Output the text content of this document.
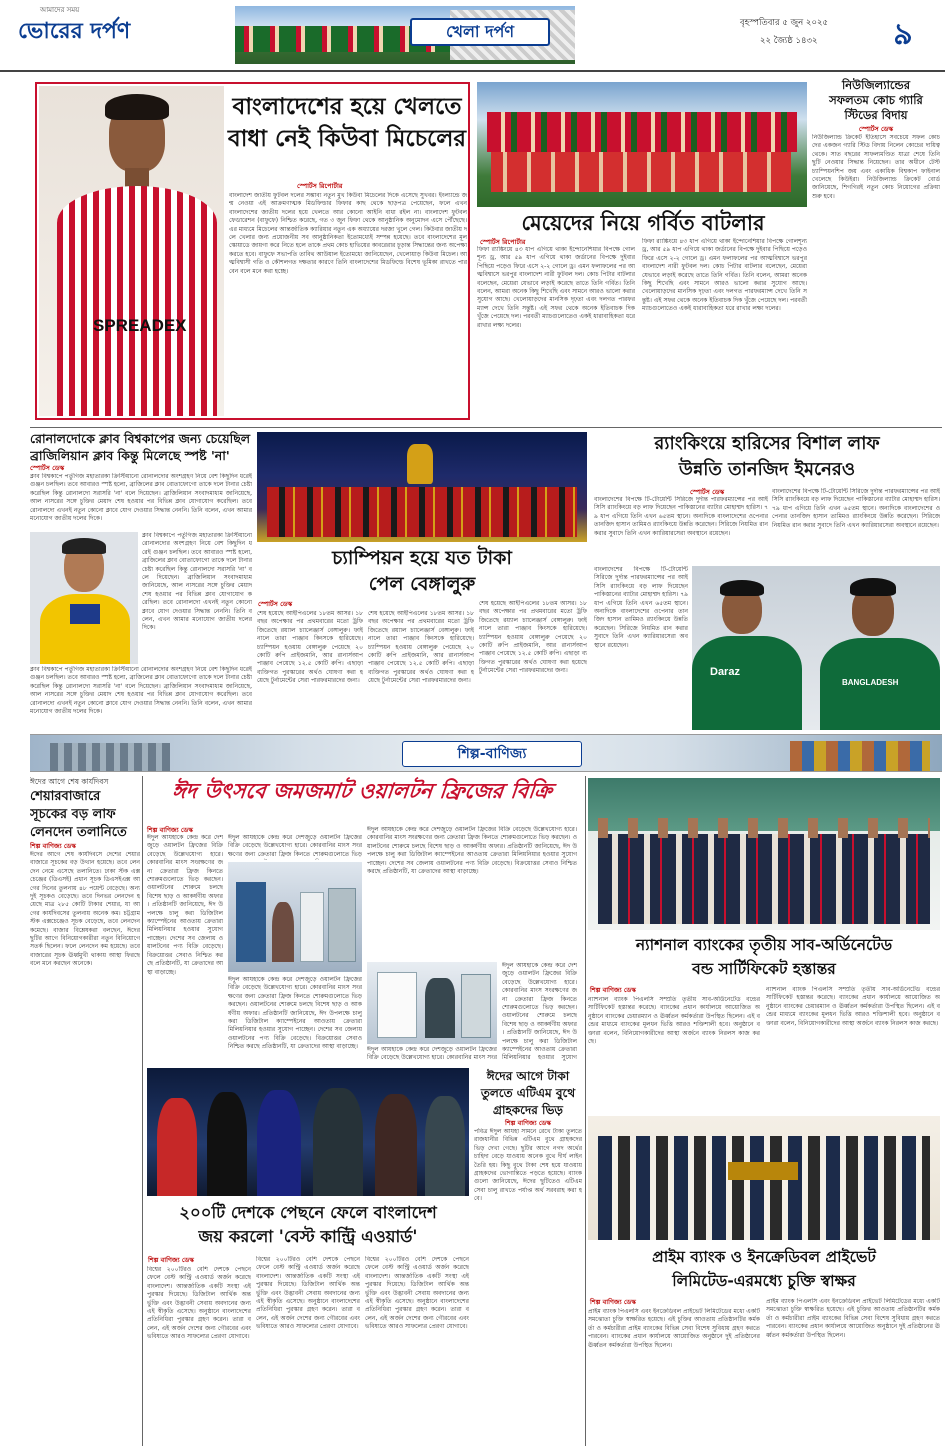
আমাদের সময়
ভোরের দর্পণ	খেলা দর্পণ	বৃহস্পতিবার ৫ জুন ২০২৫
২২ জ্যৈষ্ঠ ১৪৩২	৯
SPREADEX
বাংলাদেশের হয়ে খেলতে
বাধা নেই কিউবা মিচেলের
স্পোর্টস রিপোর্টার
বাংলাদেশ জাতীয় ফুটবল দলের সম্ভাব্য নতুন মুখ কিউবা মিচেলের দিকে এসেছে সুখবর। ইংল্যান্ডে জন্ম নেওয়া এই আক্রমণাত্মক মিডফিল্ডার ফিফার কাছ থেকে ছাড়পত্র পেয়েছেন, ফলে এখন বাংলাদেশের জাতীয় দলের হয়ে খেলতে আর কোনো আইনি বাধা রইল না। বাংলাদেশ ফুটবল ফেডারেশন (বাফুফে) নিশ্চিত করেছে, গত ৩ জুন ফিফা থেকে আনুষ্ঠানিক অনুমোদন এসে পৌঁছেছে। এর মাধ্যমে মিচেলের আন্তর্জাতিক ক্যারিয়ার নতুন এক অধ্যায়ের দরজা খুলে গেল। কিউবার জাতীয় দলে খেলার জন্য প্রয়োজনীয় সব আনুষ্ঠানিকতা ইতোমধ্যেই সম্পন্ন হয়েছে। তবে বাংলাদেশের মূল স্কোয়াডে জায়গা করে নিতে হলে তাকে প্রথম কোচ হাভিয়ের কাবরেরার চূড়ান্ত সিদ্ধান্তের জন্য অপেক্ষা করতে হবে। বাফুফে সভাপতি তাবিথ আউয়াল ইতোমধ্যে জানিয়েছেন, খেলোয়াড় কিউবা মিচেল। আত্মবিশ্বাসী গতি ও কৌশলগত দক্ষতার কারণে তিনি বাংলাদেশের মিডফিল্ডে বিশেষ ভূমিকা রাখতে পারবেন বলে মনে করা হচ্ছে।
মেয়েদের নিয়ে গর্বিত বাটলার
স্পোর্টস রিপোর্টার
ফিফা র‍্যাঙ্কিংয়ে ৪৩ ধাপ এগিয়ে থাকা ইন্দোনেশিয়ার বিপক্ষে গোলশূন্য ড্র, আর ৫৯ ধাপ এগিয়ে থাকা জর্ডানের বিপক্ষে দুইবার পিছিয়ে পড়েও ফিরে এসে ২-২ গোলে ড্র। এমন ফলাফলের পর আত্মবিশ্বাসে ভরপুর বাংলাদেশ নারী ফুটবল দল। কোচ পিটার বাটলার বলেছেন, মেয়েরা যেভাবে লড়াই করেছে তাতে তিনি গর্বিত। তিনি বলেন, আমরা অনেক কিছু শিখেছি এবং সামনে আরও ভালো করার সুযোগ আছে। খেলোয়াড়দের মানসিক দৃঢ়তা এবং দলগত পারফরম্যান্স দেখে তিনি সন্তুষ্ট। এই সফর থেকে অনেক ইতিবাচক দিক খুঁজে পেয়েছে দল। পরবর্তী ম্যাচগুলোতেও একই ধারাবাহিকতা ধরে রাখার লক্ষ্য দলের।
ফিফা র‍্যাঙ্কিংয়ে ৪৩ ধাপ এগিয়ে থাকা ইন্দোনেশিয়ার বিপক্ষে গোলশূন্য ড্র, আর ৫৯ ধাপ এগিয়ে থাকা জর্ডানের বিপক্ষে দুইবার পিছিয়ে পড়েও ফিরে এসে ২-২ গোলে ড্র। এমন ফলাফলের পর আত্মবিশ্বাসে ভরপুর বাংলাদেশ নারী ফুটবল দল। কোচ পিটার বাটলার বলেছেন, মেয়েরা যেভাবে লড়াই করেছে তাতে তিনি গর্বিত। তিনি বলেন, আমরা অনেক কিছু শিখেছি এবং সামনে আরও ভালো করার সুযোগ আছে। খেলোয়াড়দের মানসিক দৃঢ়তা এবং দলগত পারফরম্যান্স দেখে তিনি সন্তুষ্ট। এই সফর থেকে অনেক ইতিবাচক দিক খুঁজে পেয়েছে দল। পরবর্তী ম্যাচগুলোতেও একই ধারাবাহিকতা ধরে রাখার লক্ষ্য দলের।
নিউজিল্যান্ডের
সফলতম কোচ গ্যারি
স্টিডের বিদায়
স্পোর্টস ডেস্ক
নিউজিল্যান্ড ক্রিকেট ইতিহাসে সবচেয়ে সফল কোচদের একজন গ্যারি স্টিড বিদায় নিলেন কোচের দায়িত্ব থেকে। সাত বছরের সাফল্যমণ্ডিত যাত্রা শেষে তিনি ছুটি নেওয়ার সিদ্ধান্ত নিয়েছেন। তার অধীনে টেস্ট চ্যাম্পিয়নশিপ জয় এবং একাধিক বিশ্বকাপ ফাইনাল খেলেছে কিউইরা। নিউজিল্যান্ড ক্রিকেট বোর্ড জানিয়েছে, শিগগিরই নতুন কোচ নিয়োগের প্রক্রিয়া শুরু হবে।
রোনালদোকে ক্লাব বিশ্বকাপের জন্য চেয়েছিল
ব্রাজিলিয়ান ক্লাব কিন্তু মিলেছে স্পষ্ট 'না'
স্পোর্টস ডেস্ক
ক্লাব বিশ্বকাপে পর্তুগিজ মহাতারকা ক্রিস্টিয়ানো রোনালদোর অংশগ্রহণ নিয়ে বেশ কিছুদিন ধরেই গুঞ্জন চলছিল। তবে আবারও স্পষ্ট হলো, ব্রাজিলের ক্লাব বোতাফোগো তাকে দলে টানার চেষ্টা করেছিল কিন্তু রোনালদো সরাসরি 'না' বলে দিয়েছেন। ব্রাজিলিয়ান সংবাদমাধ্যম জানিয়েছে, আল নাসরের সঙ্গে চুক্তির মেয়াদ শেষ হওয়ার পর বিভিন্ন ক্লাব যোগাযোগ করেছিল। তবে রোনালদো এখনই নতুন কোনো ক্লাবে যোগ দেওয়ার সিদ্ধান্ত নেননি। তিনি বলেন, এখন আমার মনোযোগ জাতীয় দলের দিকে।
ক্লাব বিশ্বকাপে পর্তুগিজ মহাতারকা ক্রিস্টিয়ানো রোনালদোর অংশগ্রহণ নিয়ে বেশ কিছুদিন ধরেই গুঞ্জন চলছিল। তবে আবারও স্পষ্ট হলো, ব্রাজিলের ক্লাব বোতাফোগো তাকে দলে টানার চেষ্টা করেছিল কিন্তু রোনালদো সরাসরি 'না' বলে দিয়েছেন। ব্রাজিলিয়ান সংবাদমাধ্যম জানিয়েছে, আল নাসরের সঙ্গে চুক্তির মেয়াদ শেষ হওয়ার পর বিভিন্ন ক্লাব যোগাযোগ করেছিল। তবে রোনালদো এখনই নতুন কোনো ক্লাবে যোগ দেওয়ার সিদ্ধান্ত নেননি। তিনি বলেন, এখন আমার মনোযোগ জাতীয় দলের দিকে।
ক্লাব বিশ্বকাপে পর্তুগিজ মহাতারকা ক্রিস্টিয়ানো রোনালদোর অংশগ্রহণ নিয়ে বেশ কিছুদিন ধরেই গুঞ্জন চলছিল। তবে আবারও স্পষ্ট হলো, ব্রাজিলের ক্লাব বোতাফোগো তাকে দলে টানার চেষ্টা করেছিল কিন্তু রোনালদো সরাসরি 'না' বলে দিয়েছেন। ব্রাজিলিয়ান সংবাদমাধ্যম জানিয়েছে, আল নাসরের সঙ্গে চুক্তির মেয়াদ শেষ হওয়ার পর বিভিন্ন ক্লাব যোগাযোগ করেছিল। তবে রোনালদো এখনই নতুন কোনো ক্লাবে যোগ দেওয়ার সিদ্ধান্ত নেননি। তিনি বলেন, এখন আমার মনোযোগ জাতীয় দলের দিকে।
চ্যাম্পিয়ন হয়ে যত টাকা
পেল বেঙ্গালুরু
স্পোর্টস ডেস্ক
শেষ হয়েছে আইপিএলের ১৮তম আসর। ১৮ বছর অপেক্ষার পর প্রথমবারের মতো ট্রফি জিতেছে রয়্যাল চ্যালেঞ্জার্স বেঙ্গালুরু। ফাইনালে তারা পাঞ্জাব কিংসকে হারিয়েছে। চ্যাম্পিয়ন হওয়ায় বেঙ্গালুরু পেয়েছে ২০ কোটি রুপি প্রাইজমানি, আর রানার্সআপ পাঞ্জাব পেয়েছে ১২.৫ কোটি রুপি। এছাড়া ব্যক্তিগত পুরস্কারের অর্থও ঘোষণা করা হয়েছে টুর্নামেন্টের সেরা পারফরমারদের জন্য।
শেষ হয়েছে আইপিএলের ১৮তম আসর। ১৮ বছর অপেক্ষার পর প্রথমবারের মতো ট্রফি জিতেছে রয়্যাল চ্যালেঞ্জার্স বেঙ্গালুরু। ফাইনালে তারা পাঞ্জাব কিংসকে হারিয়েছে। চ্যাম্পিয়ন হওয়ায় বেঙ্গালুরু পেয়েছে ২০ কোটি রুপি প্রাইজমানি, আর রানার্সআপ পাঞ্জাব পেয়েছে ১২.৫ কোটি রুপি। এছাড়া ব্যক্তিগত পুরস্কারের অর্থও ঘোষণা করা হয়েছে টুর্নামেন্টের সেরা পারফরমারদের জন্য।
শেষ হয়েছে আইপিএলের ১৮তম আসর। ১৮ বছর অপেক্ষার পর প্রথমবারের মতো ট্রফি জিতেছে রয়্যাল চ্যালেঞ্জার্স বেঙ্গালুরু। ফাইনালে তারা পাঞ্জাব কিংসকে হারিয়েছে। চ্যাম্পিয়ন হওয়ায় বেঙ্গালুরু পেয়েছে ২০ কোটি রুপি প্রাইজমানি, আর রানার্সআপ পাঞ্জাব পেয়েছে ১২.৫ কোটি রুপি। এছাড়া ব্যক্তিগত পুরস্কারের অর্থও ঘোষণা করা হয়েছে টুর্নামেন্টের সেরা পারফরমারদের জন্য।
র‍্যাংকিংয়ে হারিসের বিশাল লাফ
উন্নতি তানজিদ ইমনেরও
স্পোর্টস ডেস্ক
বাংলাদেশের বিপক্ষে টি-টোয়েন্টি সিরিজে দুর্দান্ত পারফরম্যান্সের পর আইসিসি র‍্যাংকিংয়ে বড় লাফ দিয়েছেন পাকিস্তানের ব্যাটার মোহাম্মদ হারিস। ৭৯ ধাপ এগিয়ে তিনি এখন ৬৫তম স্থানে। অন্যদিকে বাংলাদেশের ওপেনার তানজিদ হাসান তামিমও র‍্যাংকিংয়ে উন্নতি করেছেন। সিরিজে নিয়মিত রান করার সুবাদে তিনি এখন ক্যারিয়ারসেরা অবস্থানে রয়েছেন।
বাংলাদেশের বিপক্ষে টি-টোয়েন্টি সিরিজে দুর্দান্ত পারফরম্যান্সের পর আইসিসি র‍্যাংকিংয়ে বড় লাফ দিয়েছেন পাকিস্তানের ব্যাটার মোহাম্মদ হারিস। ৭৯ ধাপ এগিয়ে তিনি এখন ৬৫তম স্থানে। অন্যদিকে বাংলাদেশের ওপেনার তানজিদ হাসান তামিমও র‍্যাংকিংয়ে উন্নতি করেছেন। সিরিজে নিয়মিত রান করার সুবাদে তিনি এখন ক্যারিয়ারসেরা অবস্থানে রয়েছেন।
বাংলাদেশের বিপক্ষে টি-টোয়েন্টি সিরিজে দুর্দান্ত পারফরম্যান্সের পর আইসিসি র‍্যাংকিংয়ে বড় লাফ দিয়েছেন পাকিস্তানের ব্যাটার মোহাম্মদ হারিস। ৭৯ ধাপ এগিয়ে তিনি এখন ৬৫তম স্থানে। অন্যদিকে বাংলাদেশের ওপেনার তানজিদ হাসান তামিমও র‍্যাংকিংয়ে উন্নতি করেছেন। সিরিজে নিয়মিত রান করার সুবাদে তিনি এখন ক্যারিয়ারসেরা অবস্থানে রয়েছেন।
Daraz
BANGLADESH
শিল্প-বাণিজ্য
ঈদের আগে শেষ কার্যদিবস
শেয়ারবাজারে
সূচকের বড় লাফ
লেনদেন তলানিতে
শিল্প বাণিজ্য ডেস্ক
ঈদের আগে শেষ কার্যদিবসে দেশের শেয়ারবাজারে সূচকের বড় উত্থান হয়েছে। তবে লেনদেন নেমে এসেছে তলানিতে। ঢাকা স্টক এক্সচেঞ্জের (ডিএসই) প্রধান সূচক ডিএসইএক্স আগের দিনের তুলনায় ৪৮ পয়েন্ট বেড়েছে। অন্য দুই সূচকও বেড়েছে। তবে দিনভর লেনদেন হয়েছে মাত্র ২৮৫ কোটি টাকার শেয়ার, যা আগের কার্যদিবসের তুলনায় অনেক কম। চট্টগ্রাম স্টক এক্সচেঞ্জেও সূচক বেড়েছে, তবে লেনদেন কমেছে। বাজার বিশ্লেষকরা বলছেন, ঈদের ছুটির আগে বিনিয়োগকারীরা নতুন বিনিয়োগে সতর্ক ছিলেন। ফলে লেনদেন কম হয়েছে। তবে বাজারের সূচক ঊর্ধ্বমুখী থাকায় আস্থা ফিরছে বলে মনে করছেন অনেকে।
ঈদ উৎসবে জমজমাট ওয়ালটন ফ্রিজের বিক্রি
শিল্প বাণিজ্য ডেস্ক
ঈদুল আযহাকে কেন্দ্র করে দেশজুড়ে ওয়ালটন ফ্রিজের বিক্রি বেড়েছে উল্লেখযোগ্য হারে। কোরবানির মাংস সংরক্ষণের জন্য ক্রেতারা ফ্রিজ কিনতে শোরুমগুলোতে ভিড় করছেন। ওয়ালটনের শোরুমে চলছে বিশেষ ছাড় ও আকর্ষণীয় অফার। প্রতিষ্ঠানটি জানিয়েছে, ঈদ উপলক্ষে চালু করা ডিজিটাল ক্যাম্পেইনের আওতায় ক্রেতারা মিলিয়নিয়ার হওয়ার সুযোগ পাচ্ছেন। দেশের সব জেলায় ওয়ালটনের পণ্য বিক্রি বেড়েছে। বিক্রয়োত্তর সেবাও নিশ্চিত করছে প্রতিষ্ঠানটি, যা ক্রেতাদের আস্থা বাড়াচ্ছে।
ঈদুল আযহাকে কেন্দ্র করে দেশজুড়ে ওয়ালটন ফ্রিজের বিক্রি বেড়েছে উল্লেখযোগ্য হারে। কোরবানির মাংস সংরক্ষণের জন্য ক্রেতারা ফ্রিজ কিনতে শোরুমগুলোতে ভিড়
ঈদুল আযহাকে কেন্দ্র করে দেশজুড়ে ওয়ালটন ফ্রিজের বিক্রি বেড়েছে উল্লেখযোগ্য হারে। কোরবানির মাংস সংরক্ষণের জন্য ক্রেতারা ফ্রিজ কিনতে শোরুমগুলোতে ভিড় করছেন। ওয়ালটনের শোরুমে চলছে বিশেষ ছাড় ও আকর্ষণীয় অফার। প্রতিষ্ঠানটি জানিয়েছে, ঈদ উপলক্ষে চালু করা ডিজিটাল ক্যাম্পেইনের আওতায় ক্রেতারা মিলিয়নিয়ার হওয়ার সুযোগ পাচ্ছেন। দেশের সব জেলায় ওয়ালটনের পণ্য বিক্রি বেড়েছে। বিক্রয়োত্তর সেবাও নিশ্চিত করছে প্রতিষ্ঠানটি, যা ক্রেতাদের আস্থা বাড়াচ্ছে।
ঈদুল আযহাকে কেন্দ্র করে দেশজুড়ে ওয়ালটন ফ্রিজের বিক্রি বেড়েছে উল্লেখযোগ্য হারে। কোরবানির মাংস সংরক্ষণের জন্য ক্রেতারা ফ্রিজ কিনতে শোরুমগুলোতে ভিড় করছেন। ওয়ালটনের শোরুমে চলছে বিশেষ ছাড় ও আকর্ষণীয় অফার। প্রতিষ্ঠানটি জানিয়েছে, ঈদ উপলক্ষে চালু করা ডিজিটাল ক্যাম্পেইনের আওতায় ক্রেতারা মিলিয়নিয়ার হওয়ার সুযোগ
ঈদুল আযহাকে কেন্দ্র করে দেশজুড়ে ওয়ালটন ফ্রিজের বিক্রি বেড়েছে উল্লেখযোগ্য হারে। কোরবানির মাংস সংরক্ষণের জন্য ক্রেতারা ফ্রিজ কিনতে শোরুমগুলোতে ভিড় করছেন। ওয়ালটনের শোরুমে চলছে বিশেষ ছাড় ও আকর্ষণীয় অফার। প্রতিষ্ঠানটি জানিয়েছে, ঈদ উপলক্ষে চালু করা ডিজিটাল ক্যাম্পেইনের আওতায় ক্রেতারা মিলিয়নিয়ার হওয়ার সুযোগ পাচ্ছেন। দেশের সব জেলায় ওয়ালটনের পণ্য বিক্রি বেড়েছে। বিক্রয়োত্তর সেবাও নিশ্চিত করছে প্রতিষ্ঠানটি, যা ক্রেতাদের আস্থা বাড়াচ্ছে।	ঈদুল আযহাকে কেন্দ্র করে দেশজুড়ে ওয়ালটন ফ্রিজের বিক্রি বেড়েছে উল্লেখযোগ্য হারে। কোরবানির মাংস সংর
ন্যাশনাল ব্যাংকের তৃতীয় সাব-অর্ডিনেটেড
বন্ড সার্টিফিকেট হস্তান্তর
শিল্প বাণিজ্য ডেস্ক
ন্যাশনাল ব্যাংক পিএলসি সম্প্রতি তৃতীয় সাব-অর্ডিনেটেড বন্ডের সার্টিফিকেট হস্তান্তর করেছে। ব্যাংকের প্রধান কার্যালয়ে আয়োজিত অনুষ্ঠানে ব্যাংকের চেয়ারম্যান ও ঊর্ধ্বতন কর্মকর্তারা উপস্থিত ছিলেন। এই বন্ডের মাধ্যমে ব্যাংকের মূলধন ভিত্তি আরও শক্তিশালী হবে। অনুষ্ঠানে বক্তারা বলেন, বিনিয়োগকারীদের আস্থা অর্জনে ব্যাংক নিরলস কাজ করছে।
ন্যাশনাল ব্যাংক পিএলসি সম্প্রতি তৃতীয় সাব-অর্ডিনেটেড বন্ডের সার্টিফিকেট হস্তান্তর করেছে। ব্যাংকের প্রধান কার্যালয়ে আয়োজিত অনুষ্ঠানে ব্যাংকের চেয়ারম্যান ও ঊর্ধ্বতন কর্মকর্তারা উপস্থিত ছিলেন। এই বন্ডের মাধ্যমে ব্যাংকের মূলধন ভিত্তি আরও শক্তিশালী হবে। অনুষ্ঠানে বক্তারা বলেন, বিনিয়োগকারীদের আস্থা অর্জনে ব্যাংক নিরলস কাজ করছে।
২০০টি দেশকে পেছনে ফেলে বাংলাদেশ
জয় করলো 'বেস্ট কান্ট্রি এওয়ার্ড'
শিল্প বাণিজ্য ডেস্ক
বিশ্বের ২০০টিরও বেশি দেশকে পেছনে ফেলে বেস্ট কান্ট্রি এওয়ার্ড অর্জন করেছে বাংলাদেশ। আন্তর্জাতিক একটি সংস্থা এই পুরস্কার দিয়েছে। ডিজিটাল আর্থিক অন্তর্ভুক্তি এবং উদ্ভাবনী সেবায় অবদানের জন্য এই স্বীকৃতি এসেছে। অনুষ্ঠানে বাংলাদেশের প্রতিনিধিরা পুরস্কার গ্রহণ করেন। তারা বলেন, এই অর্জন দেশের জন্য গৌরবের এবং ভবিষ্যতে আরও সাফল্যের প্রেরণা যোগাবে।
বিশ্বের ২০০টিরও বেশি দেশকে পেছনে ফেলে বেস্ট কান্ট্রি এওয়ার্ড অর্জন করেছে বাংলাদেশ। আন্তর্জাতিক একটি সংস্থা এই পুরস্কার দিয়েছে। ডিজিটাল আর্থিক অন্তর্ভুক্তি এবং উদ্ভাবনী সেবায় অবদানের জন্য এই স্বীকৃতি এসেছে। অনুষ্ঠানে বাংলাদেশের প্রতিনিধিরা পুরস্কার গ্রহণ করেন। তারা বলেন, এই অর্জন দেশের জন্য গৌরবের এবং ভবিষ্যতে আরও সাফল্যের প্রেরণা যোগাবে।
বিশ্বের ২০০টিরও বেশি দেশকে পেছনে ফেলে বেস্ট কান্ট্রি এওয়ার্ড অর্জন করেছে বাংলাদেশ। আন্তর্জাতিক একটি সংস্থা এই পুরস্কার দিয়েছে। ডিজিটাল আর্থিক অন্তর্ভুক্তি এবং উদ্ভাবনী সেবায় অবদানের জন্য এই স্বীকৃতি এসেছে। অনুষ্ঠানে বাংলাদেশের প্রতিনিধিরা পুরস্কার গ্রহণ করেন। তারা বলেন, এই অর্জন দেশের জন্য গৌরবের এবং ভবিষ্যতে আরও সাফল্যের প্রেরণা যোগাবে।
ঈদের আগে টাকা
তুলতে এটিএম বুথে
গ্রাহকদের ভিড়
শিল্প বাণিজ্য ডেস্ক
পবিত্র ঈদুল আযহা সামনে রেখে টাকা তুলতে রাজধানীর বিভিন্ন এটিএম বুথে গ্রাহকদের ভিড় দেখা গেছে। ছুটির আগে নগদ অর্থের চাহিদা বেড়ে যাওয়ায় অনেক বুথে দীর্ঘ লাইন তৈরি হয়। কিছু বুথে টাকা শেষ হয়ে যাওয়ায় গ্রাহকদের ভোগান্তিতে পড়তে হয়েছে। ব্যাংকগুলো জানিয়েছে, ঈদের ছুটিতেও এটিএম সেবা চালু রাখতে পর্যাপ্ত অর্থ সরবরাহ করা হবে।
প্রাইম ব্যাংক ও ইনক্রেডিবল প্রাইভেট
লিমিটেড-এরমধ্যে চুক্তি স্বাক্ষর
শিল্প বাণিজ্য ডেস্ক
প্রাইম ব্যাংক পিএলসি এবং ইনক্রেডিবল প্রাইভেট লিমিটেডের মধ্যে একটি সমঝোতা চুক্তি স্বাক্ষরিত হয়েছে। এই চুক্তির আওতায় প্রতিষ্ঠানটির কর্মকর্তা ও কর্মচারীরা প্রাইম ব্যাংকের বিভিন্ন সেবা বিশেষ সুবিধায় গ্রহণ করতে পারবেন। ব্যাংকের প্রধান কার্যালয়ে আয়োজিত অনুষ্ঠানে দুই প্রতিষ্ঠানের ঊর্ধ্বতন কর্মকর্তারা উপস্থিত ছিলেন।
প্রাইম ব্যাংক পিএলসি এবং ইনক্রেডিবল প্রাইভেট লিমিটেডের মধ্যে একটি সমঝোতা চুক্তি স্বাক্ষরিত হয়েছে। এই চুক্তির আওতায় প্রতিষ্ঠানটির কর্মকর্তা ও কর্মচারীরা প্রাইম ব্যাংকের বিভিন্ন সেবা বিশেষ সুবিধায় গ্রহণ করতে পারবেন। ব্যাংকের প্রধান কার্যালয়ে আয়োজিত অনুষ্ঠানে দুই প্রতিষ্ঠানের ঊর্ধ্বতন কর্মকর্তারা উপস্থিত ছিলেন।
